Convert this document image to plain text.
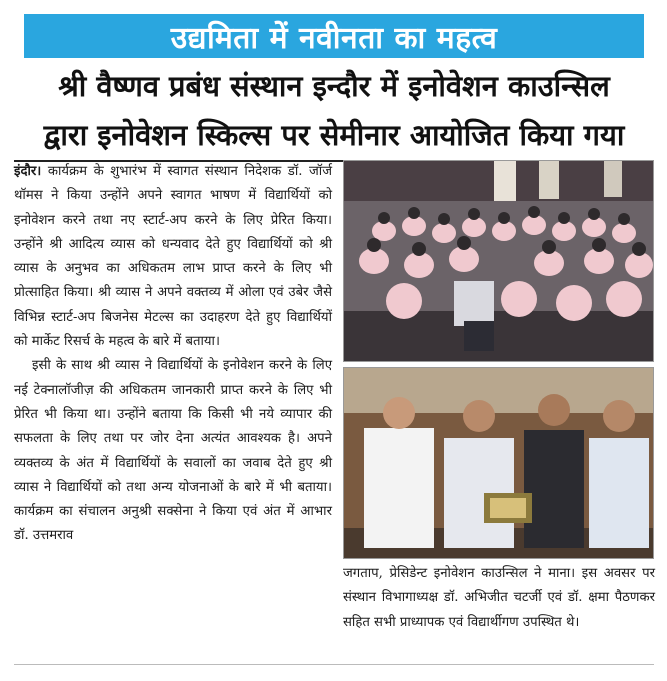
उद्यमिता में नवीनता का महत्व
श्री वैष्णव प्रबंध संस्थान इन्दौर में इनोवेशन काउन्सिल
द्वारा इनोवेशन स्किल्स पर सेमीनार आयोजित किया गया

इंदौर। कार्यक्रम के शुभारंभ में स्वागत संस्थान निदेशक डॉ. जॉर्ज थॉमस ने किया उन्होंने अपने स्वागत भाषण में विद्यार्थियों को इनोवेशन करने तथा नए स्टार्ट-अप करने के लिए प्रेरित किया। उन्होंने श्री आदित्य व्यास को धन्यवाद देते हुए विद्यार्थियों को श्री व्यास के अनुभव का अधिकतम लाभ प्राप्त करने के लिए भी प्रोत्साहित किया। श्री व्यास ने अपने वक्तव्य में ओला एवं उबेर जैसे विभिन्न स्टार्ट-अप बिजनेस मेटल्स का उदाहरण देते हुए विद्यार्थियों को मार्केट रिसर्च के महत्व के बारे में बताया।

इसी के साथ श्री व्यास ने विद्यार्थियों के इनोवेशन करने के लिए नई टेक्नालॉजीज़ की अधिकतम जानकारी प्राप्त करने के लिए भी प्रेरित भी किया था। उन्होंने बताया कि किसी भी नये व्यापार की सफलता के लिए तथा पर जोर देना अत्यंत आवश्यक है। अपने व्यक्तव्य के अंत में विद्यार्थियों के सवालों का जवाब देते हुए श्री व्यास ने विद्यार्थियों को तथा अन्य योजनाओं के बारे में भी बताया। कार्यक्रम का संचालन अनुश्री सक्सेना ने किया एवं अंत में आभार डॉ. उत्तमराव

जगताप, प्रेसिडेन्ट इनोवेशन काउन्सिल ने माना। इस अवसर पर संस्थान विभागाध्यक्ष डॉ. अभिजीत चटर्जी एवं डॉ. क्षमा पैठणकर सहित सभी प्राध्यापक एवं विद्यार्थीगण उपस्थित थे।
